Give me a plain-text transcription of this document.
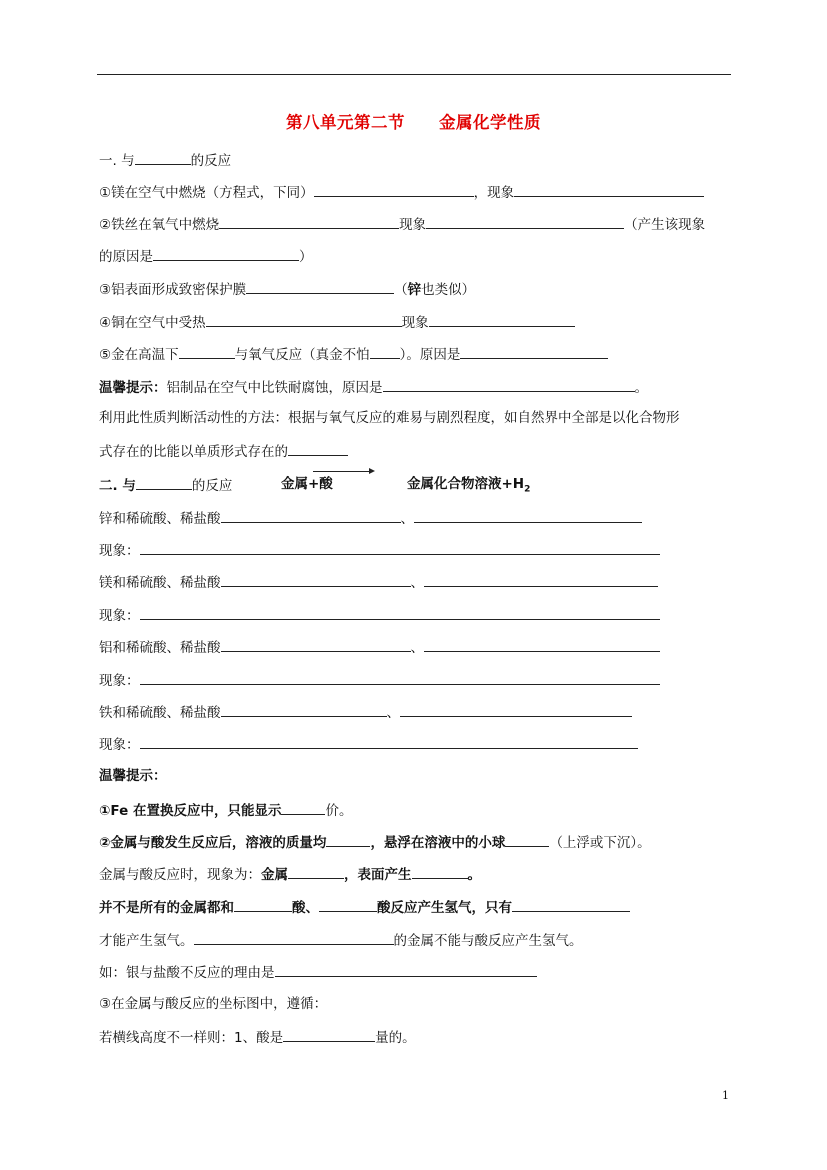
第八单元第二节 金属化学性质
一. 与	的反应
①镁在空气中燃烧（方程式，下同）	，现象
②铁丝在氧气中燃烧	现象	（产生该现象
的原因是	）
③铝表面形成致密保护膜	（锌也类似）
④铜在空气中受热	现象
⑤金在高温下	与氧气反应（真金不怕 ）。原因是
温馨提示：铝制品在空气中比铁耐腐蚀，原因是	。
利用此性质判断活动性的方法：根据与氧气反应的难易与剧烈程度，如自然界中全部是以化合物形
式存在的比能以单质形式存在的
二. 与	的反应	金属+酸	金属化合物溶液$+H_2$
锌和稀硫酸、稀盐酸	、
现象：
镁和稀硫酸、稀盐酸	、
现象：
铝和稀硫酸、稀盐酸	、
现象：
铁和稀硫酸、稀盐酸	、
现象：
温馨提示：
①Fe 在置换反应中，只能显示	价。
②金属与酸发生反应后，溶液的质量均	，悬浮在溶液中的小球	（上浮或下沉）。
金属与酸反应时，现象为：金属	，表面产生	。
并不是所有的金属都和	酸、	酸反应产生氢气，只有
才能产生氢气。	的金属不能与酸反应产生氢气。
如：银与盐酸不反应的理由是
③在金属与酸反应的坐标图中，遵循：
若横线高度不一样则：1、酸是	量的。
1
